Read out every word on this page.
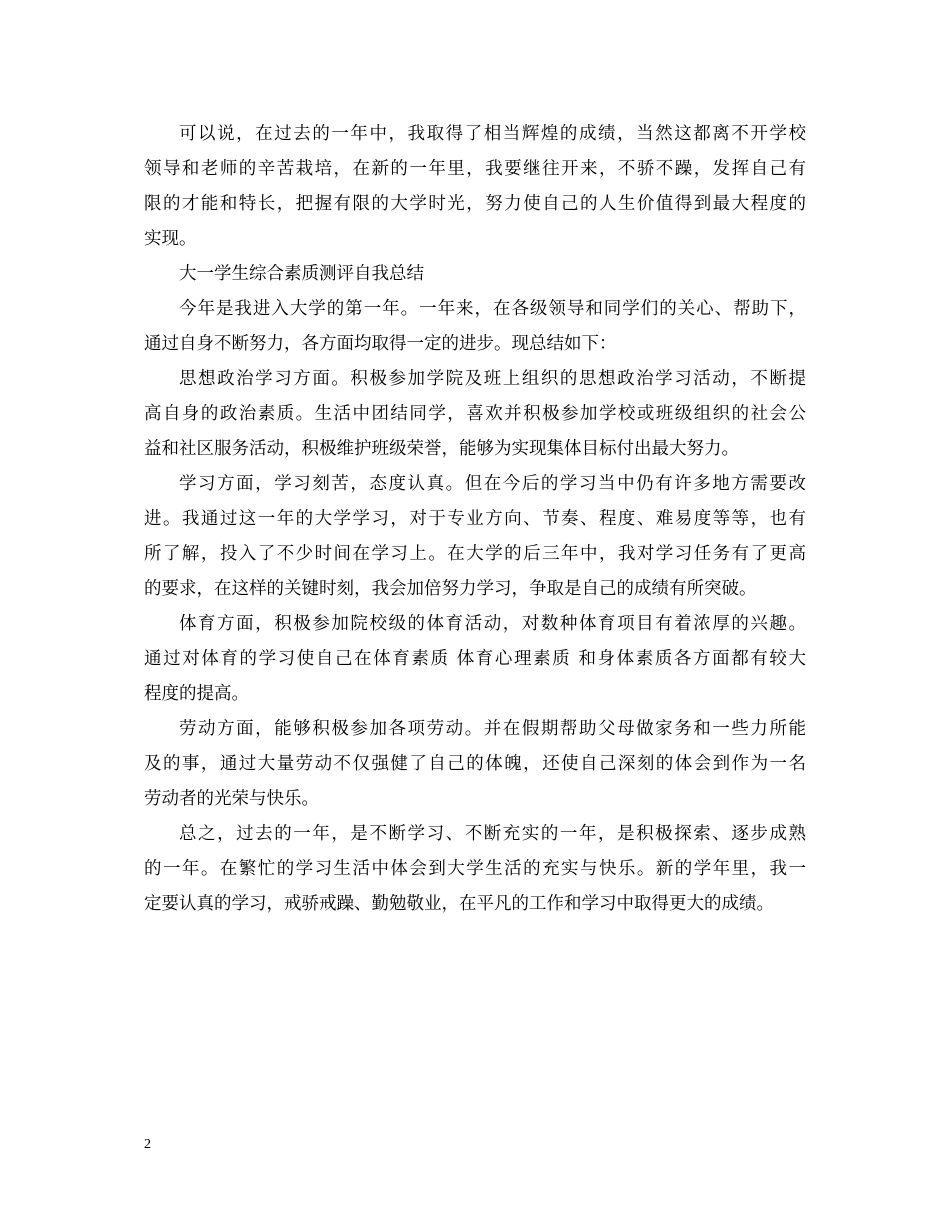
可以说，在过去的一年中，我取得了相当辉煌的成绩，当然这都离不开学校
领导和老师的辛苦栽培，在新的一年里，我要继往开来，不骄不躁，发挥自己有
限的才能和特长，把握有限的大学时光，努力使自己的人生价值得到最大程度的
实现。
大一学生综合素质测评自我总结
今年是我进入大学的第一年。一年来，在各级领导和同学们的关心、帮助下，
通过自身不断努力，各方面均取得一定的进步。现总结如下：
思想政治学习方面。积极参加学院及班上组织的思想政治学习活动，不断提
高自身的政治素质。生活中团结同学，喜欢并积极参加学校或班级组织的社会公
益和社区服务活动，积极维护班级荣誉，能够为实现集体目标付出最大努力。
学习方面，学习刻苦，态度认真。但在今后的学习当中仍有许多地方需要改
进。我通过这一年的大学学习，对于专业方向、节奏、程度、难易度等等，也有
所了解，投入了不少时间在学习上。在大学的后三年中，我对学习任务有了更高
的要求，在这样的关键时刻，我会加倍努力学习，争取是自己的成绩有所突破。
体育方面，积极参加院校级的体育活动，对数种体育项目有着浓厚的兴趣。
通过对体育的学习使自己在体育素质 体育心理素质 和身体素质各方面都有较大
程度的提高。
劳动方面，能够积极参加各项劳动。并在假期帮助父母做家务和一些力所能
及的事，通过大量劳动不仅强健了自己的体魄，还使自己深刻的体会到作为一名
劳动者的光荣与快乐。
总之，过去的一年，是不断学习、不断充实的一年，是积极探索、逐步成熟
的一年。在繁忙的学习生活中体会到大学生活的充实与快乐。新的学年里，我一
定要认真的学习，戒骄戒躁、勤勉敬业，在平凡的工作和学习中取得更大的成绩。
2
